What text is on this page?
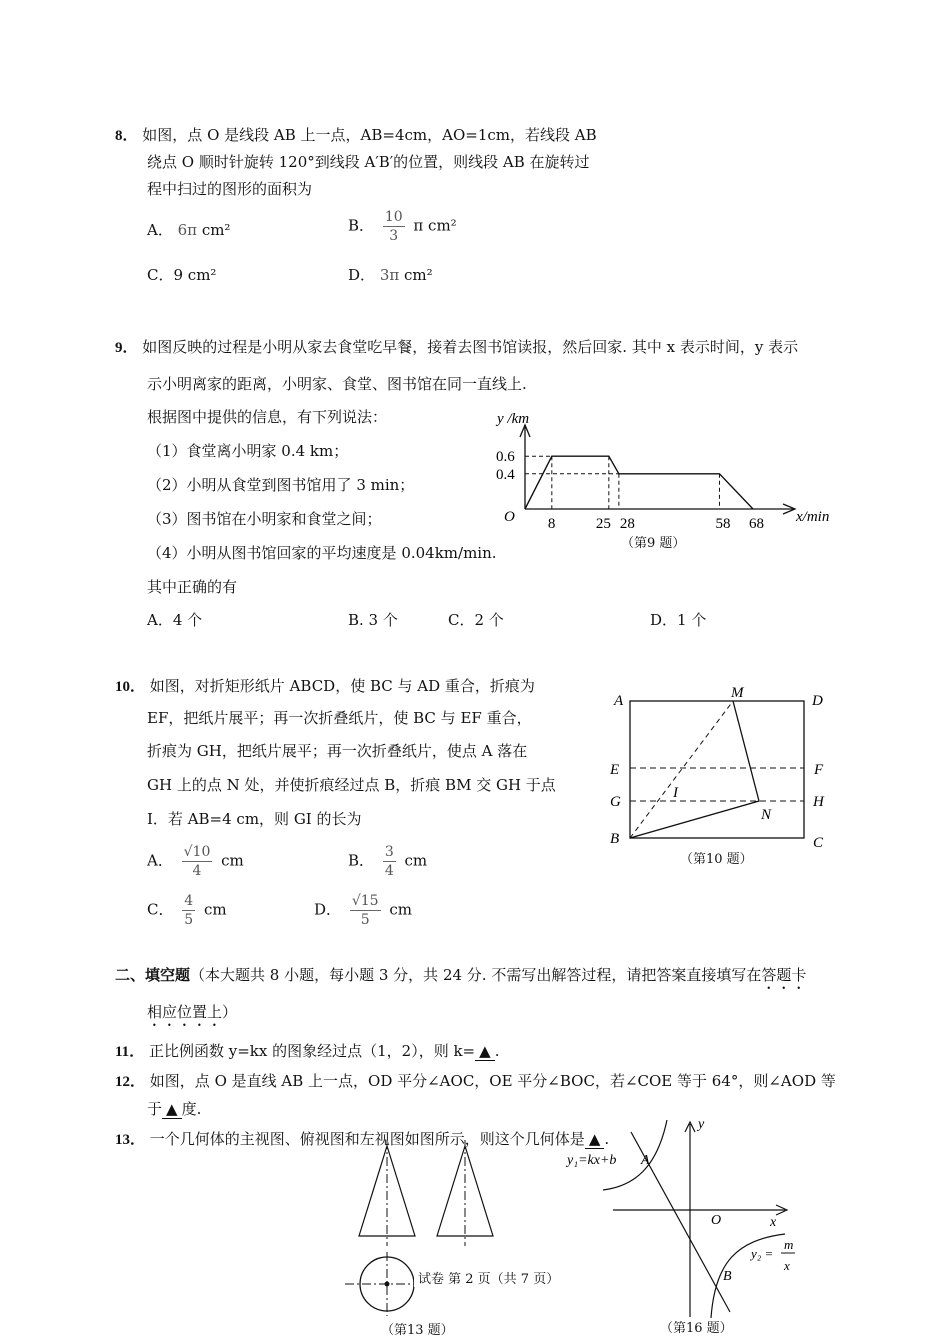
8． 如图，点 O 是线段 AB 上一点，AB=4cm，AO=1cm，若线段 AB
绕点 O 顺时针旋转 120°到线段 A′B′的位置，则线段 AB 在旋转过
程中扫过的图形的面积为
A． 6π cm²	B． $\frac{10}{3}$ π cm²
C．9 cm²	D． 3π cm²
9． 如图反映的过程是小明从家去食堂吃早餐，接着去图书馆读报，然后回家. 其中 x 表示时间，y 表示
示小明离家的距离，小明家、食堂、图书馆在同一直线上.
根据图中提供的信息，有下列说法：
（1）食堂离小明家 0.4 km；
（2）小明从食堂到图书馆用了 3 min；
（3）图书馆在小明家和食堂之间；
（4）小明从图书馆回家的平均速度是 0.04km/min.
其中正确的有
A．4 个	B. 3 个	C．2 个	D．1 个
8	25 28	58 68
0.6
0.4
y /km
x/min
O
（第9 题）
10． 如图，对折矩形纸片 ABCD，使 BC 与 AD 重合，折痕为
EF，把纸片展平；再一次折叠纸片，使 BC 与 EF 重合，
折痕为 GH，把纸片展平；再一次折叠纸片，使点 A 落在
GH 上的点 N 处，并使折痕经过点 B，折痕 BM 交 GH 于点
I．若 AB=4 cm，则 GI 的长为
A． $\frac{√10}{4}$ cm	B． $\frac{3}{4}$ cm
C． $\frac{4}{5}$ cm	D． $\frac{√15}{5}$ cm
A	D
M
E	F
G	H
I
N
B	C
（第10 题）
二、填空题（本大题共 8 小题，每小题 3 分，共 24 分. 不需写出解答过程，请把答案直接填写在答题卡
相应位置上）
11． 正比例函数 y=kx 的图象经过点（1，2），则 k= ▲ .
12． 如图，点 O 是直线 AB 上一点，OD 平分∠AOC，OE 平分∠BOC，若∠COE 等于 64°，则∠AOD 等
于 ▲ 度.
13． 一个几何体的主视图、俯视图和左视图如图所示，则这个几何体是 ▲ .
（第13 题）
y
x
O
A
B
y₁=kx+b
y₂ =
m
x
（第16 题）
试卷 第 2 页（共 7 页）
